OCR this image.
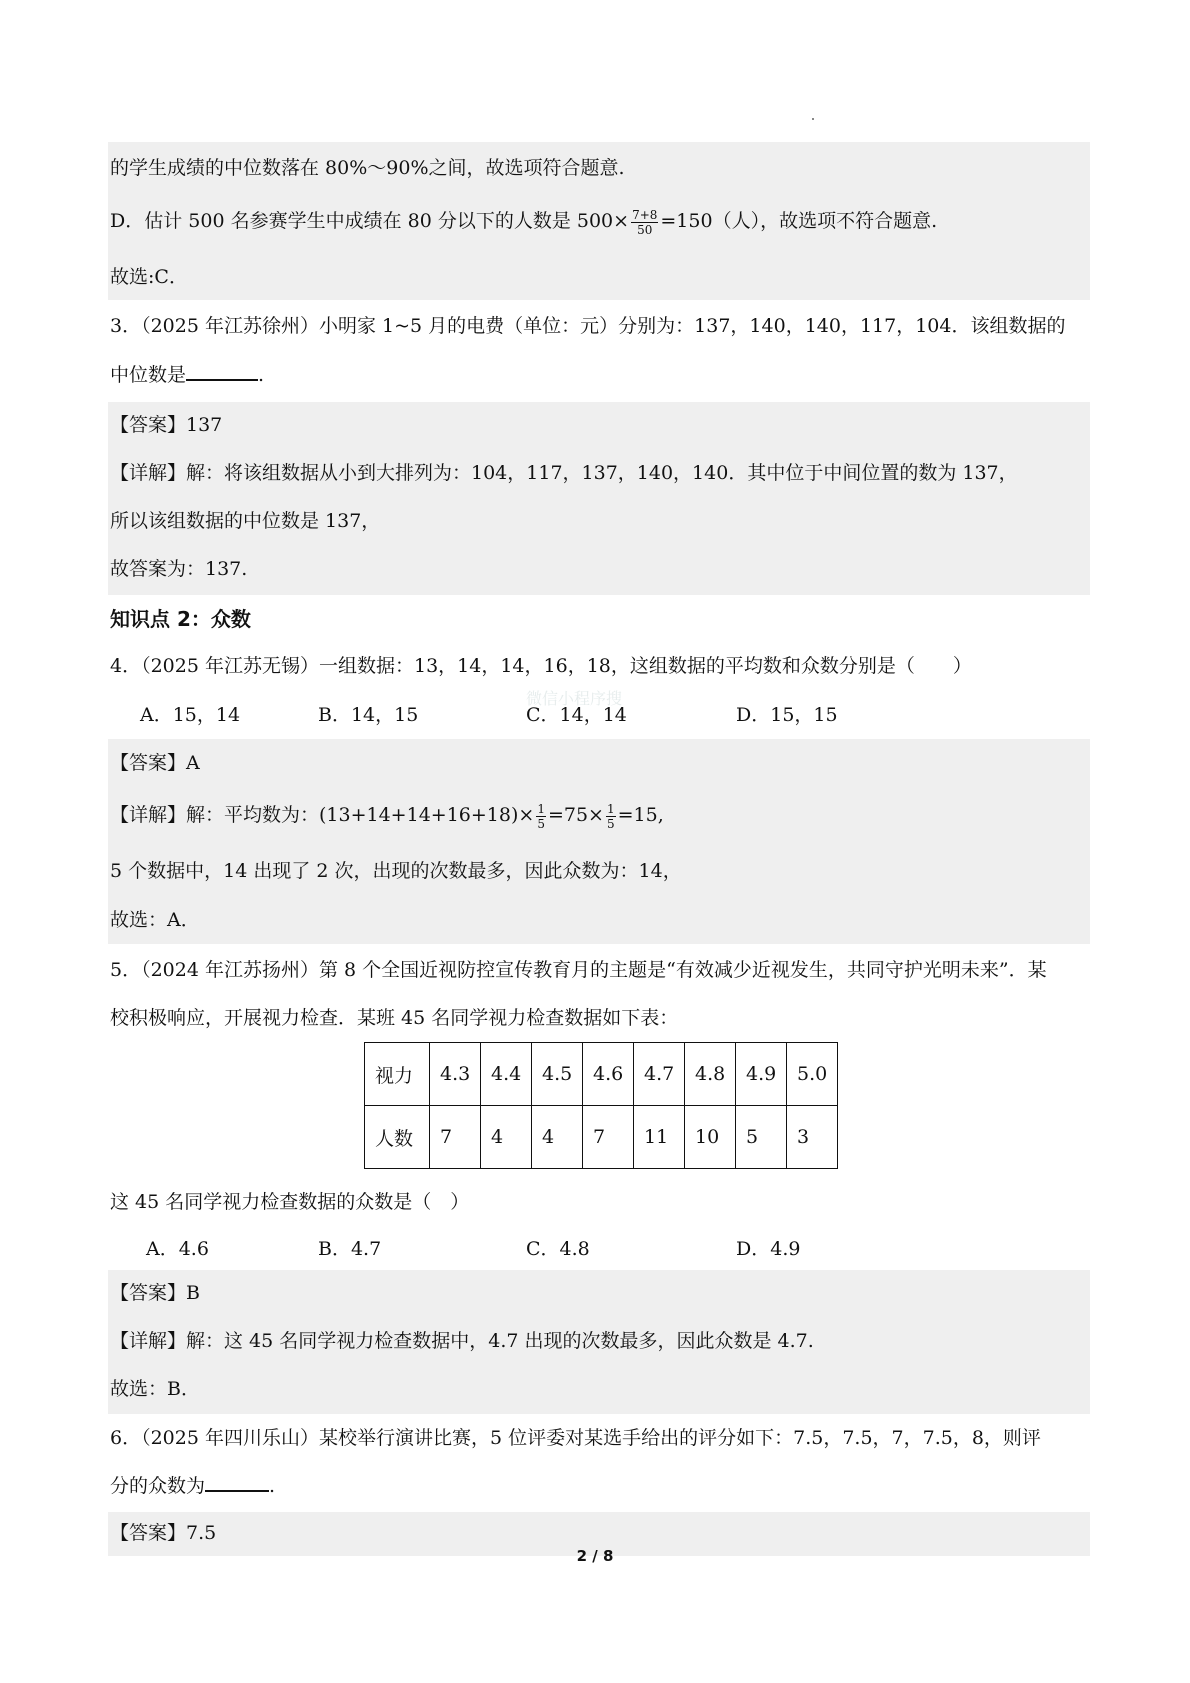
的学生成绩的中位数落在 80%～90%之间，故选项符合题意.
D．估计 500 名参赛学生中成绩在 80 分以下的人数是 $500\times \frac{7+8}{50} =150$（人），故选项不符合题意.
故选:C．
3．（2025 年江苏徐州）小明家 1~5 月的电费（单位：元）分别为：137，140，140，117，104．该组数据的
中位数是	.
【答案】137
【详解】解：将该组数据从小到大排列为：104，117，137，140，140．其中位于中间位置的数为 137，
所以该组数据的中位数是 137，
故答案为：137.
知识点 2：众数
4．（2025 年江苏无锡）一组数据：13，14，14，16，18，这组数据的平均数和众数分别是（　　）
A．15，14	B．14，15	C．14，14	D．15，15
【答案】A
【详解】解：平均数为：$(13+14+14+16+18)\times \frac{1}{5} =75\times \frac{1}{5} =15$,
5 个数据中，14 出现了 2 次，出现的次数最多，因此众数为：14，
故选：A．
5．（2024 年江苏扬州）第 8 个全国近视防控宣传教育月的主题是“有效减少近视发生，共同守护光明未来”．某
校积极响应，开展视力检查．某班 45 名同学视力检查数据如下表：
视力	4.3	4.4	4.5	4.6	4.7	4.8	4.9	5.0
人数	7	4	4	7	11	10	5	3
这 45 名同学视力检查数据的众数是（　）
A．4.6	B．4.7	C．4.8	D．4.9
【答案】B
【详解】解：这 45 名同学视力检查数据中，4.7 出现的次数最多，因此众数是 4.7.
故选：B．
6．（2025 年四川乐山）某校举行演讲比赛，5 位评委对某选手给出的评分如下：7.5，7.5，7，7.5，8，则评
分的众数为	.
【答案】7.5
微信小程序搜
2 / 8
